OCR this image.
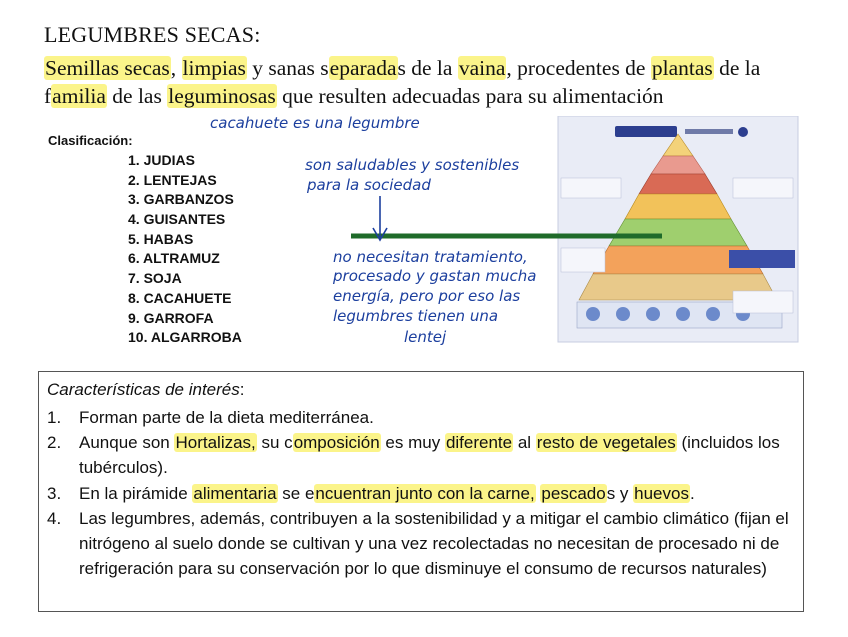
LEGUMBRES SECAS:
Semillas secas, limpias y sanas separadas de la vaina, procedentes de plantas de la familia de las leguminosas que resulten adecuadas para su alimentación
Clasificación:
1. JUDIAS
2. LENTEJAS
3. GARBANZOS
4. GUISANTES
5. HABAS
6. ALTRAMUZ
7. SOJA
8. CACAHUETE
9. GARROFA
10. ALGARROBA
cacahuete es una legumbre
son saludables y sostenibles
para la sociedad
no necesitan tratamiento,
procesado y gastan mucha
energía, pero por eso las
legumbres tienen una
lentej
Características de interés:
1. Forman parte de la dieta mediterránea.
2. Aunque son Hortalizas, su composición es muy diferente al resto de vegetales (incluidos los tubérculos).
3. En la pirámide alimentaria se encuentran junto con la carne, pescados y huevos.
4. Las legumbres, además, contribuyen a la sostenibilidad y a mitigar el cambio climático (fijan el nitrógeno al suelo donde se cultivan y una vez recolectadas no necesitan de procesado ni de refrigeración para su conservación por lo que disminuye el consumo de recursos naturales)
